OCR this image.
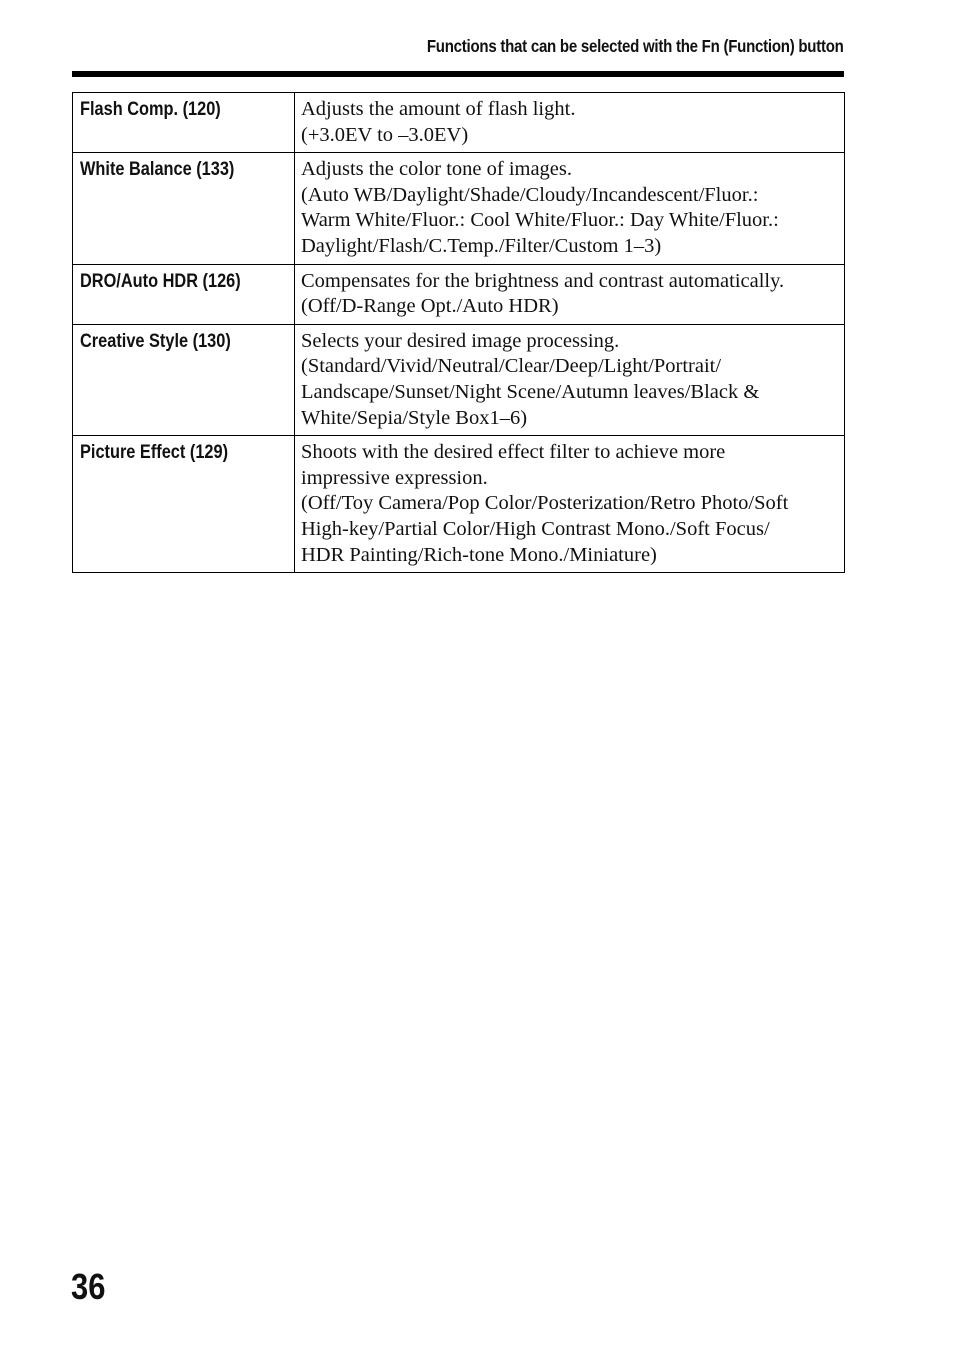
Functions that can be selected with the Fn (Function) button
Flash Comp. (120)	Adjusts the amount of flash light.
(+3.0EV to –3.0EV)

White Balance (133)	Adjusts the color tone of images.
(Auto WB/Daylight/Shade/Cloudy/Incandescent/Fluor.:
Warm White/Fluor.: Cool White/Fluor.: Day White/Fluor.:
Daylight/Flash/C.Temp./Filter/Custom 1–3)

DRO/Auto HDR (126)	Compensates for the brightness and contrast automatically.
(Off/D-Range Opt./Auto HDR)

Creative Style (130)	Selects your desired image processing.
(Standard/Vivid/Neutral/Clear/Deep/Light/Portrait/
Landscape/Sunset/Night Scene/Autumn leaves/Black &
White/Sepia/Style Box1–6)

Picture Effect (129)	Shoots with the desired effect filter to achieve more
impressive expression.
(Off/Toy Camera/Pop Color/Posterization/Retro Photo/Soft
High-key/Partial Color/High Contrast Mono./Soft Focus/
HDR Painting/Rich-tone Mono./Miniature)
36
